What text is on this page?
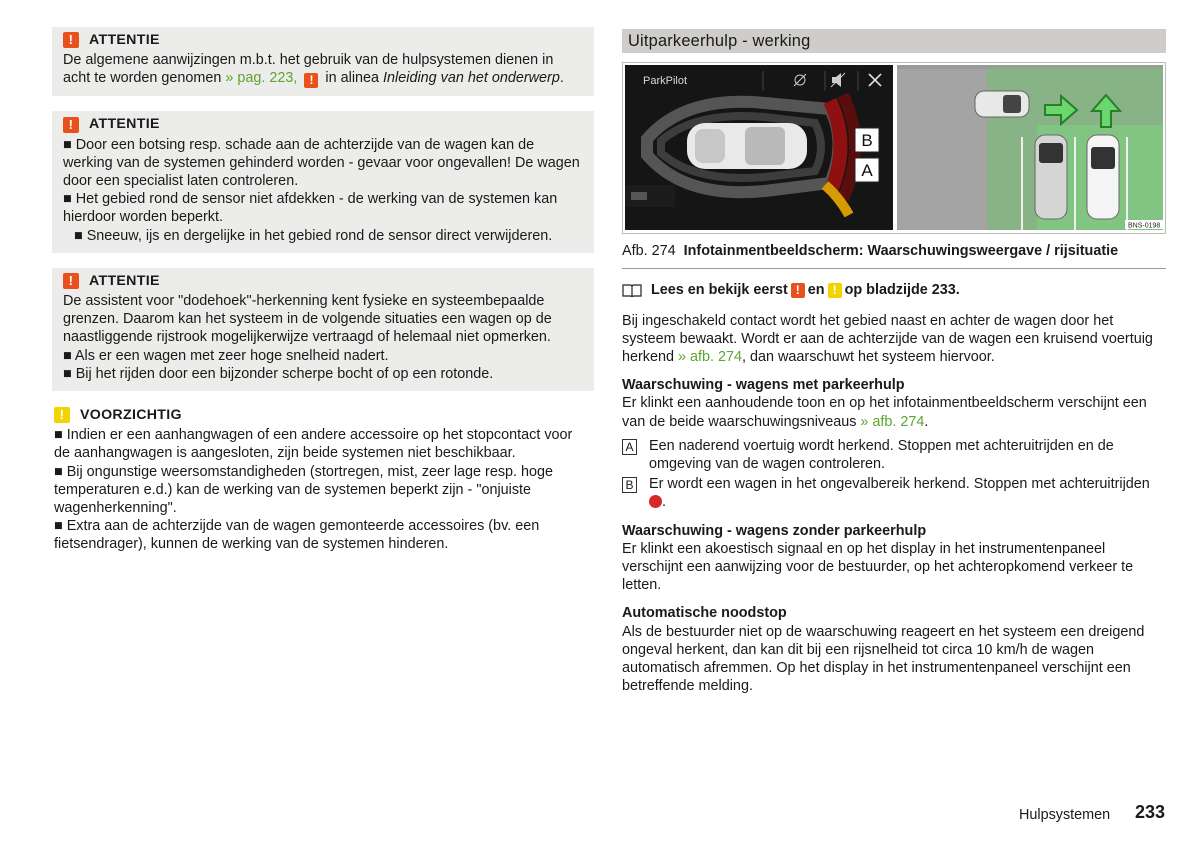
!	ATTENTIE

De algemene aanwijzingen m.b.t. het gebruik van de hulpsystemen dienen in acht te worden genomen » pag. 223, ! in alinea Inleiding van het onderwerp.

!	ATTENTIE

■ Door een botsing resp. schade aan de achterzijde van de wagen kan de werking van de systemen gehinderd worden - gevaar voor ongevallen! De wagen door een specialist laten controleren.

■ Het gebied rond de sensor niet afdekken - de werking van de systemen kan hierdoor worden beperkt.

■ Sneeuw, ijs en dergelijke in het gebied rond de sensor direct verwijderen.

!	ATTENTIE

De assistent voor "dodehoek"-herkenning kent fysieke en systeembepaalde grenzen. Daarom kan het systeem in de volgende situaties een wagen op de naastliggende rijstrook mogelijkerwijze vertraagd of helemaal niet opmerken.

■ Als er een wagen met zeer hoge snelheid nadert.

■ Bij het rijden door een bijzonder scherpe bocht of op een rotonde.

!	VOORZICHTIG

■ Indien er een aanhangwagen of een andere accessoire op het stopcontact voor de aanhangwagen is aangesloten, zijn beide systemen niet beschikbaar.

■ Bij ongunstige weersomstandigheden (stortregen, mist, zeer lage resp. hoge temperaturen e.d.) kan de werking van de systemen beperkt zijn - "onjuiste wagenherkenning".

■ Extra aan de achterzijde van de wagen gemonteerde accessoires (bv. een fietsendrager), kunnen de werking van de systemen hinderen.

Uitparkeerhulp - werking
ParkPilot
B
A
BNS-0198
Afb. 274 Infotainmentbeeldscherm: Waarschuwingsweergave / rijsituatie
Lees en bekijk eerst ! en ! op bladzijde 233.

Bij ingeschakeld contact wordt het gebied naast en achter de wagen door het systeem bewaakt. Wordt er aan de achterzijde van de wagen een kruisend voertuig herkend » afb. 274, dan waarschuwt het systeem hiervoor.

Waarschuwing - wagens met parkeerhulp

Er klinkt een aanhoudende toon en op het infotainmentbeeldscherm verschijnt een van de beide waarschuwingsniveaus » afb. 274.

A Een naderend voertuig wordt herkend. Stoppen met achteruitrijden en de omgeving van de wagen controleren.
B Er wordt een wagen in het ongevalbereik herkend. Stoppen met achteruitrijden .

Waarschuwing - wagens zonder parkeerhulp

Er klinkt een akoestisch signaal en op het display in het instrumentenpaneel verschijnt een aanwijzing voor de bestuurder, op het achteropkomend verkeer te letten.

Automatische noodstop

Als de bestuurder niet op de waarschuwing reageert en het systeem een dreigend ongeval herkent, dan kan dit bij een rijsnelheid tot circa 10 km/h de wagen automatisch afremmen. Op het display in het instrumentenpaneel verschijnt een betreffende melding.

Hulpsystemen 233
